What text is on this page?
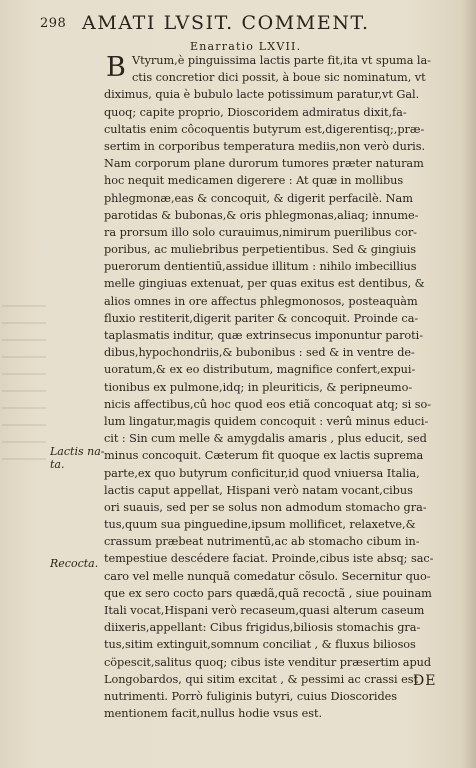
298 AMATI LVSIT. COMMENT.
Enarratio LXVII.
B Vtyrum,è pinguissima lactis parte fit,ita vt spuma la-
ctis concretior dici possit, à boue sic nominatum, vt
diximus, quia è bubulo lacte potissimum paratur,vt Gal.
quoq; capite proprio, Dioscoridem admiratus dixit,fa-
cultatis enim côcoquentis butyrum est,digerentisq;,præ-
sertim in corporibus temperatura mediis,non verò duris.
Nam corporum plane durorum tumores præter naturam
hoc nequit medicamen digerere : At quæ in mollibus
phlegmonæ,eas & concoquit, & digerit perfacilè. Nam
parotidas & bubonas,& oris phlegmonas,aliaq; innume-
ra prorsum illo solo curauimus,nimirum puerilibus cor-
poribus, ac muliebribus perpetientibus. Sed & gingiuis
puerorum dentientiū,assidue illitum : nihilo imbecillius
melle gingiuas extenuat, per quas exitus est dentibus, &
alios omnes in ore affectus phlegmonosos, posteaquàm
fluxio restiterit,digerit pariter & concoquit. Proinde ca-
taplasmatis inditur, quæ extrinsecus imponuntur paroti-
dibus,hypochondriis,& bubonibus : sed & in ventre de-
uoratum,& ex eo distributum, magnifice confert,expui-
tionibus ex pulmone,idq; in pleuriticis, & peripneumo-
nicis affectibus,cû hoc quod eos etiã concoquat atq; si so-
lum lingatur,magis quidem concoquit : verû minus educi-
cit : Sin cum melle & amygdalis amaris , plus educit, sed
minus concoquit. Cæterum fit quoque ex lactis suprema
parte,ex quo butyrum conficitur,id quod vniuersa Italia,
lactis caput appellat, Hispani verò natam vocant,cibus
ori suauis, sed per se solus non admodum stomacho gra-
tus,quum sua pinguedine,ipsum mollificet, relaxetve,&
crassum præbeat nutrimentū,ac ab stomacho cibum in-
tempestiue descédere faciat. Proinde,cibus iste absq; sac-
caro vel melle nunquã comedatur cõsulo. Secernitur quo-
que ex sero cocto pars quædã,quã recoctã , siue pouinam
Itali vocat,Hispani verò recaseum,quasi alterum caseum
diixeris,appellant: Cibus frigidus,biliosis stomachis gra-
tus,sitim extinguit,somnum conciliat , & fluxus biliosos
cöpescit,salitus quoq; cibus iste venditur præsertim apud
Longobardos, qui sitim excitat , & pessimi ac crassi est
nutrimenti. Porrò fuliginis butyri, cuius Dioscorides
mentionem facit,nullus hodie vsus est.
Lactis na-
ta.
Recocta.
DE
